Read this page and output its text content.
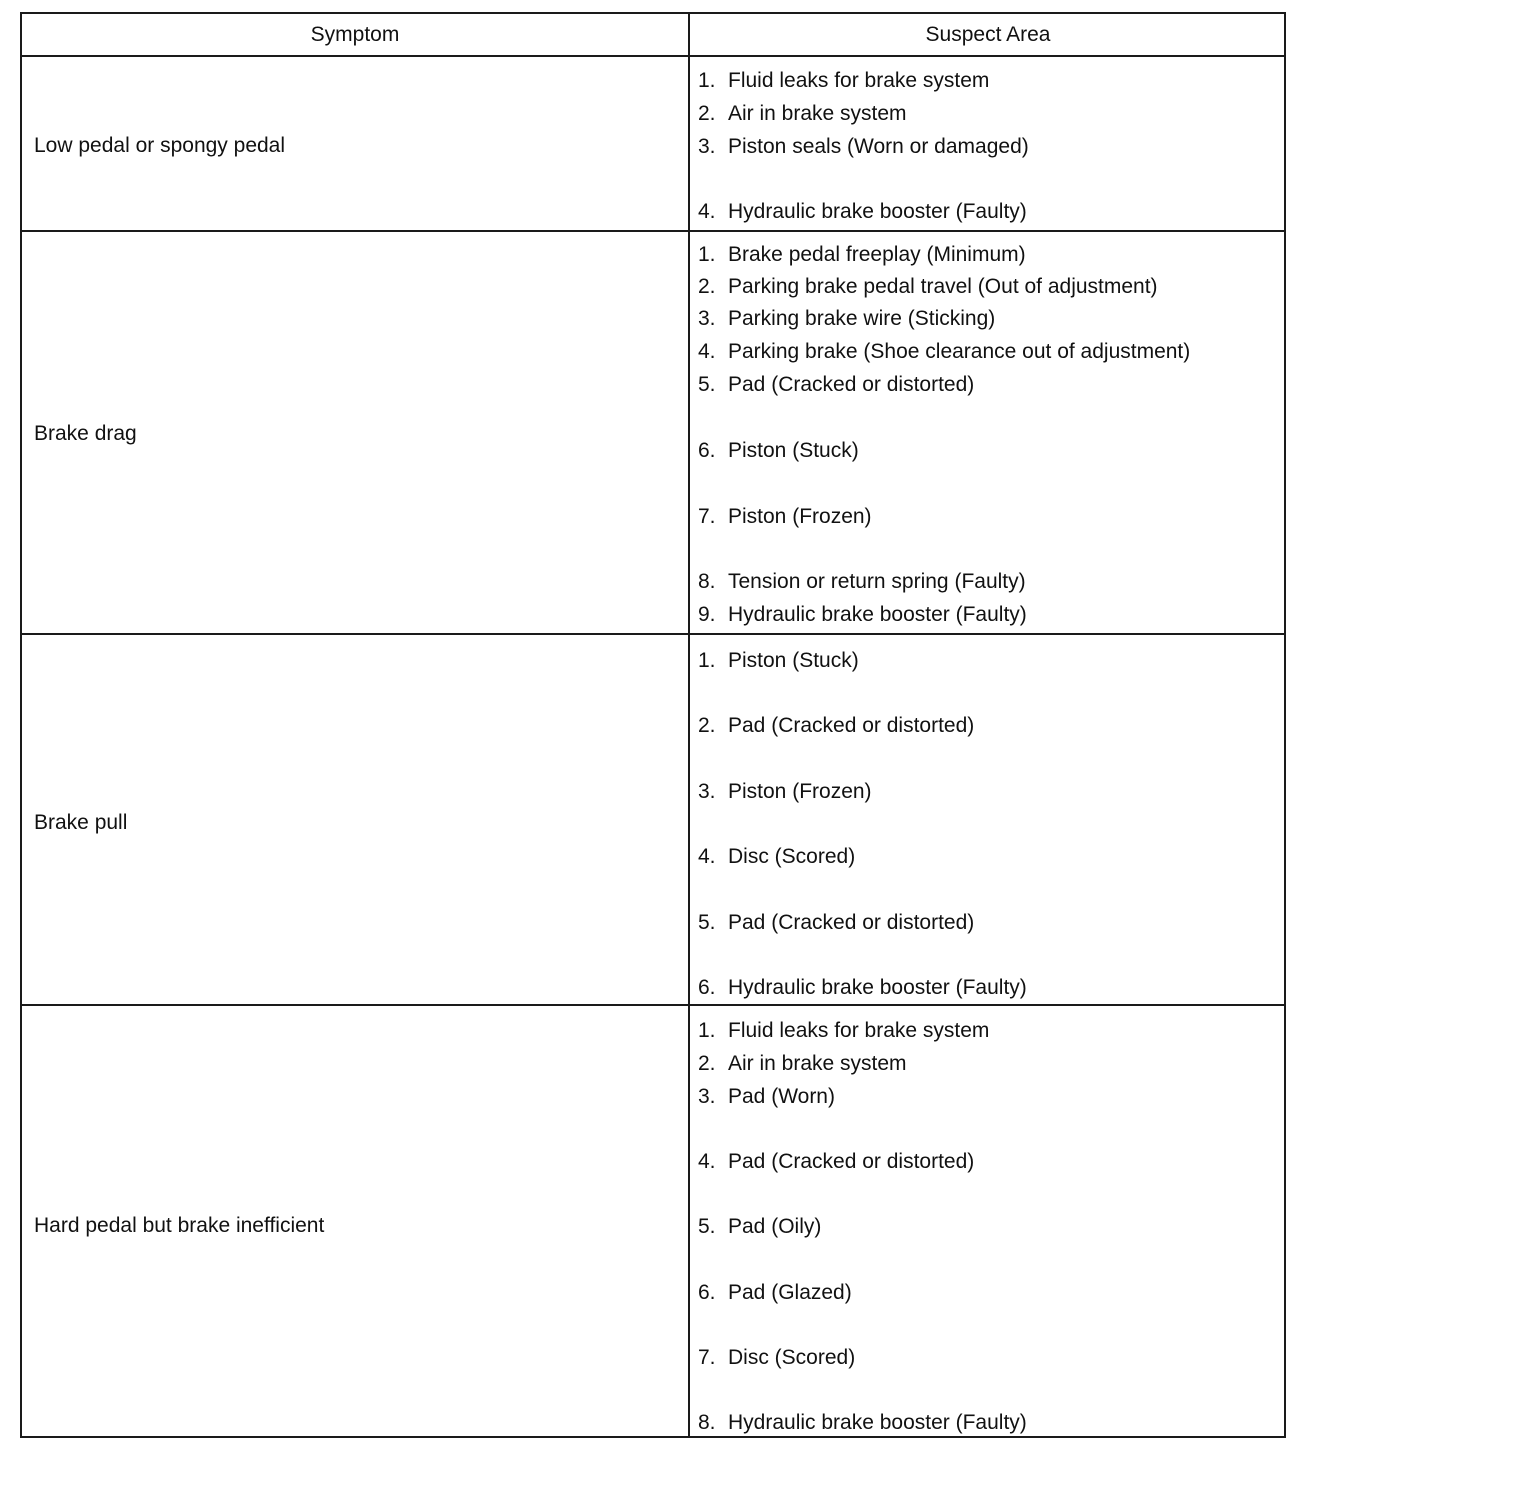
Symptom	Suspect Area
Low pedal or spongy pedal
1. Fluid leaks for brake system
2. Air in brake system
3. Piston seals (Worn or damaged)
4. Hydraulic brake booster (Faulty)
Brake drag
1. Brake pedal freeplay (Minimum)
2. Parking brake pedal travel (Out of adjustment)
3. Parking brake wire (Sticking)
4. Parking brake (Shoe clearance out of adjustment)
5. Pad (Cracked or distorted)
6. Piston (Stuck)
7. Piston (Frozen)
8. Tension or return spring (Faulty)
9. Hydraulic brake booster (Faulty)
Brake pull
1. Piston (Stuck)
2. Pad (Cracked or distorted)
3. Piston (Frozen)
4. Disc (Scored)
5. Pad (Cracked or distorted)
6. Hydraulic brake booster (Faulty)
Hard pedal but brake inefficient
1. Fluid leaks for brake system
2. Air in brake system
3. Pad (Worn)
4. Pad (Cracked or distorted)
5. Pad (Oily)
6. Pad (Glazed)
7. Disc (Scored)
8. Hydraulic brake booster (Faulty)
